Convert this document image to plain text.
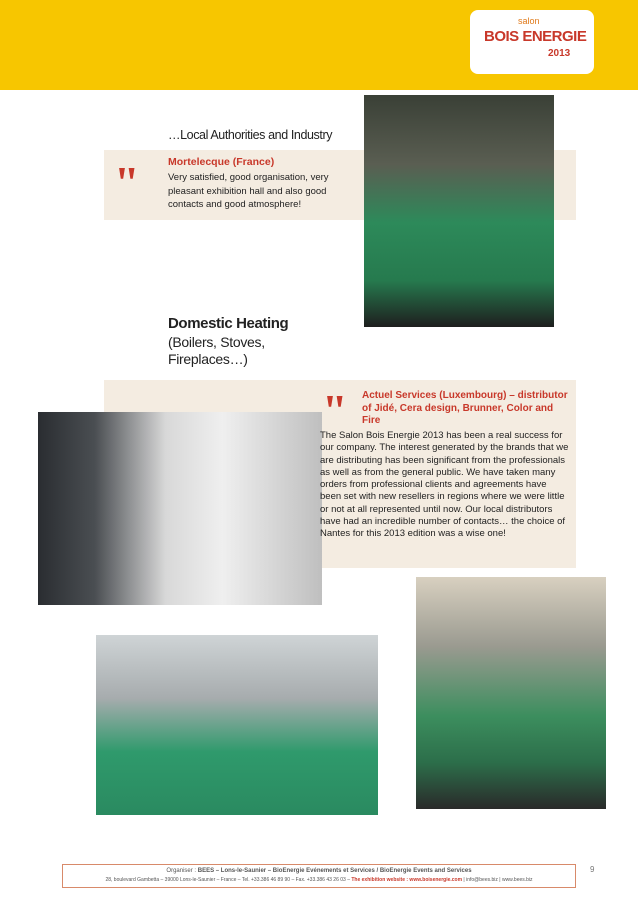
salon
BOIS ENERGIE
2013
…Local Authorities and Industry
"	Mortelecque (France)
Very satisfied, good organisation, very pleasant exhibition hall and also good contacts and good atmosphere!
Domestic Heating
(Boilers, Stoves, Fireplaces…)
" Actuel Services (Luxembourg) – distributor of Jidé, Cera design, Brunner, Color and Fire
The Salon Bois Energie 2013 has been a real success for our company. The interest generated by the brands that we are distributing has been significant from the professionals as well as from the general public. We have taken many orders from professional clients and agreements have been set with new resellers in regions where we were little or not at all represented until now. Our local distributors have had an incredible number of contacts… the choice of Nantes for this 2013 edition was a wise one!
Organiser : BEES – Lons-le-Saunier – BioEnergie Evénements et Services / BioEnergie Events and Services
28, boulevard Gambetta – 39000 Lons-le-Saunier – France – Tel. +33.386 46 89 90 – Fax. +33.386 43 26 03 – The exhibition website : www.boisenergie.com | info@bees.biz | www.bees.biz
9
